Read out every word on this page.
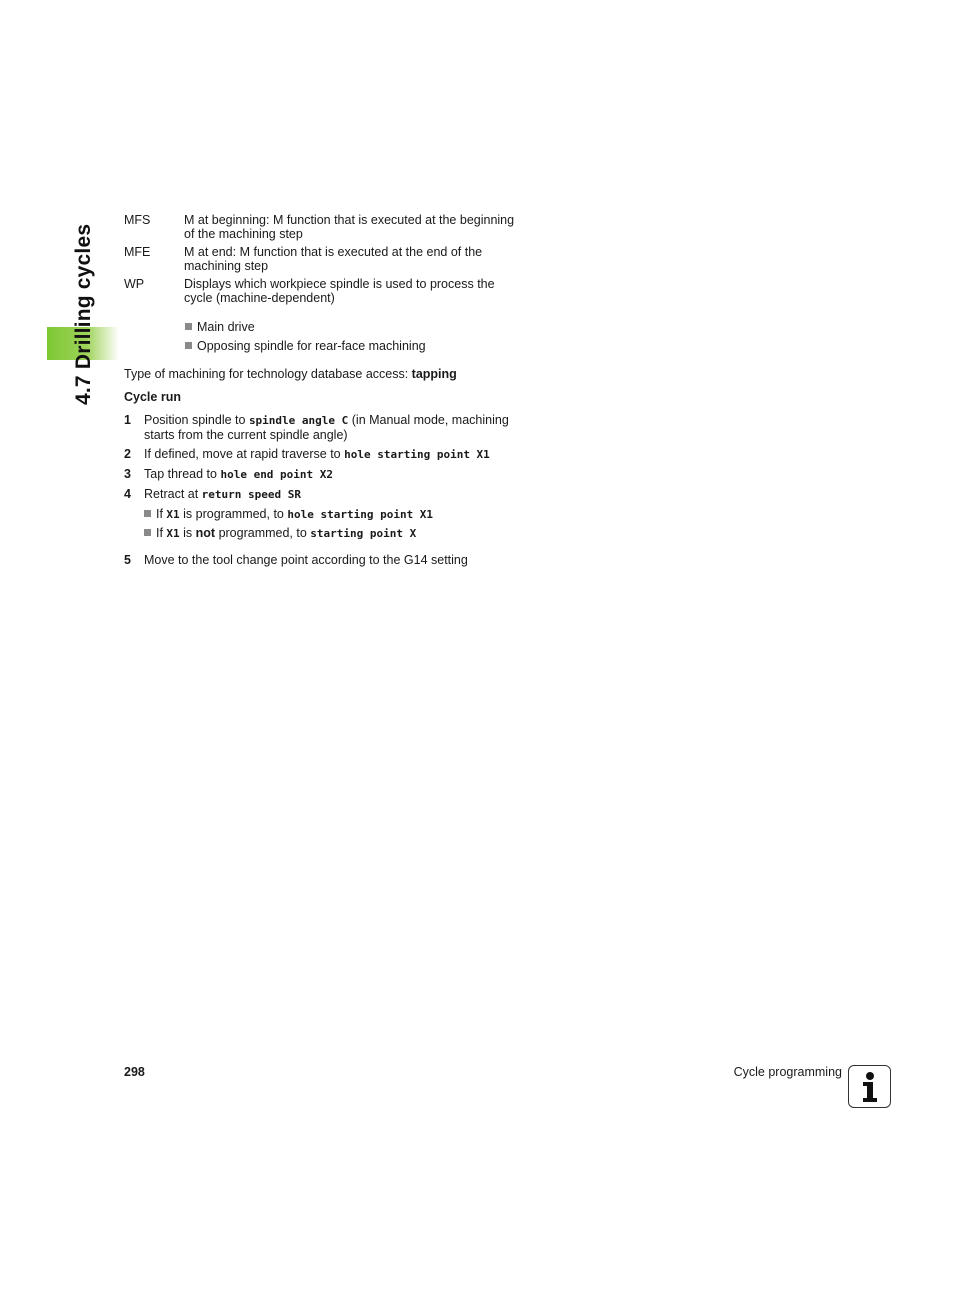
4.7 Drilling cycles
MFS	M at beginning: M function that is executed at the beginning of the machining step
MFE	M at end: M function that is executed at the end of the machining step
WP	Displays which workpiece spindle is used to process the cycle (machine-dependent)
Main drive
Opposing spindle for rear-face machining
Type of machining for technology database access: tapping
Cycle run
1	Position spindle to spindle angle C (in Manual mode, machining starts from the current spindle angle)
2	If defined, move at rapid traverse to hole starting point X1
3	Tap thread to hole end point X2
4	Retract at return speed SR
If X1 is programmed, to hole starting point X1
If X1 is not programmed, to starting point X
5	Move to the tool change point according to the G14 setting
298	Cycle programming
